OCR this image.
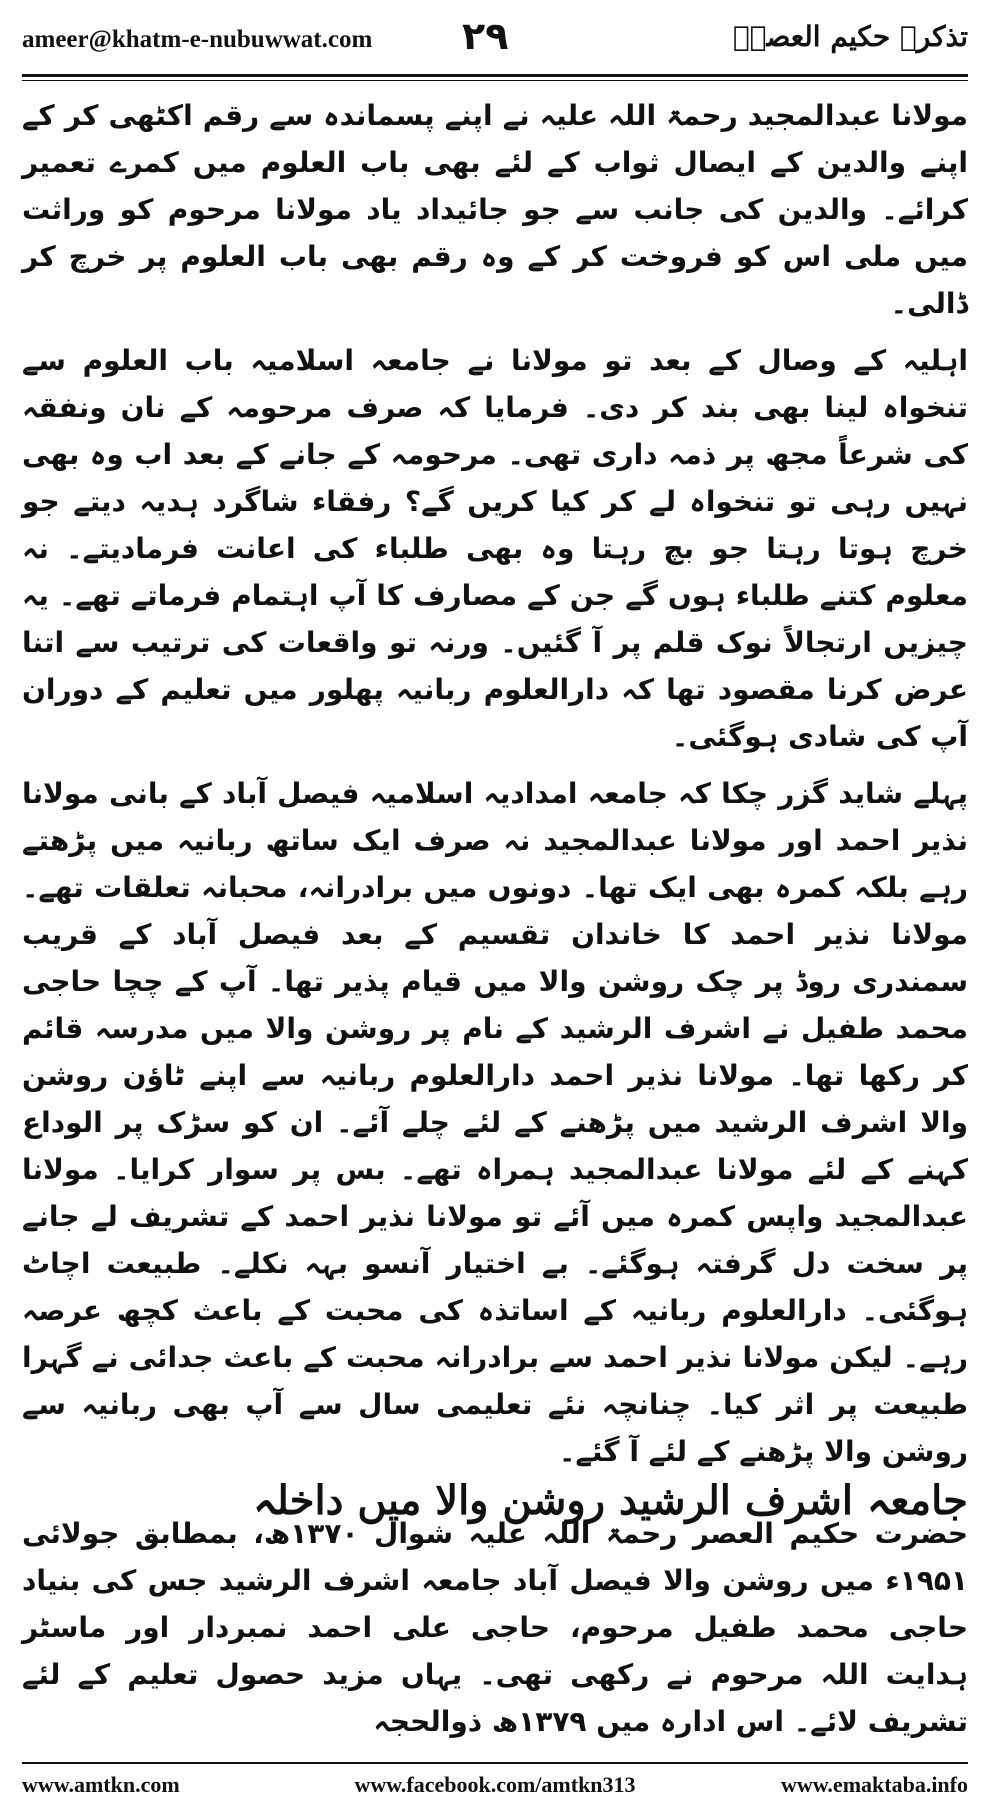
ameer@khatm-e-nubuwwat.com ۲۹	تذکرہ حکیم العصرؒ

مولانا عبدالمجید رحمۃ اللہ علیہ نے اپنے پسماندہ سے رقم اکٹھی کر کے اپنے والدین کے ایصال ثواب کے لئے بھی باب العلوم میں کمرے تعمیر کرائے۔ والدین کی جانب سے جو جائیداد یاد مولانا مرحوم کو وراثت میں ملی اس کو فروخت کر کے وہ رقم بھی باب العلوم پر خرچ کر ڈالی۔

اہلیہ کے وصال کے بعد تو مولانا نے جامعہ اسلامیہ باب العلوم سے تنخواہ لینا بھی بند کر دی۔ فرمایا کہ صرف مرحومہ کے نان ونفقہ کی شرعاً مجھ پر ذمہ داری تھی۔ مرحومہ کے جانے کے بعد اب وہ بھی نہیں رہی تو تنخواہ لے کر کیا کریں گے؟ رفقاء شاگرد ہدیہ دیتے جو خرچ ہوتا رہتا جو بچ رہتا وہ بھی طلباء کی اعانت فرمادیتے۔ نہ معلوم کتنے طلباء ہوں گے جن کے مصارف کا آپ اہتمام فرماتے تھے۔ یہ چیزیں ارتجالاً نوک قلم پر آ گئیں۔ ورنہ تو واقعات کی ترتیب سے اتنا عرض کرنا مقصود تھا کہ دارالعلوم ربانیہ پھلور میں تعلیم کے دوران آپ کی شادی ہوگئی۔

پہلے شاید گزر چکا کہ جامعہ امدادیہ اسلامیہ فیصل آباد کے بانی مولانا نذیر احمد اور مولانا عبدالمجید نہ صرف ایک ساتھ ربانیہ میں پڑھتے رہے بلکہ کمرہ بھی ایک تھا۔ دونوں میں برادرانہ، محبانہ تعلقات تھے۔ مولانا نذیر احمد کا خاندان تقسیم کے بعد فیصل آباد کے قریب سمندری روڈ پر چک روشن والا میں قیام پذیر تھا۔ آپ کے چچا حاجی محمد طفیل نے اشرف الرشید کے نام پر روشن والا میں مدرسہ قائم کر رکھا تھا۔ مولانا نذیر احمد دارالعلوم ربانیہ سے اپنے ٹاؤن روشن والا اشرف الرشید میں پڑھنے کے لئے چلے آئے۔ ان کو سڑک پر الوداع کہنے کے لئے مولانا عبدالمجید ہمراہ تھے۔ بس پر سوار کرایا۔ مولانا عبدالمجید واپس کمرہ میں آئے تو مولانا نذیر احمد کے تشریف لے جانے پر سخت دل گرفتہ ہوگئے۔ بے اختیار آنسو بہہ نکلے۔ طبیعت اچاٹ ہوگئی۔ دارالعلوم ربانیہ کے اساتذہ کی محبت کے باعث کچھ عرصہ رہے۔ لیکن مولانا نذیر احمد سے برادرانہ محبت کے باعث جدائی نے گہرا طبیعت پر اثر کیا۔ چنانچہ نئے تعلیمی سال سے آپ بھی ربانیہ سے روشن والا پڑھنے کے لئے آ گئے۔

جامعہ اشرف الرشید روشن والا میں داخلہ

حضرت حکیم العصر رحمۃ اللہ علیہ شوال ۱۳۷۰ھ، بمطابق جولائی ۱۹۵۱ء میں روشن والا فیصل آباد جامعہ اشرف الرشید جس کی بنیاد حاجی محمد طفیل مرحوم، حاجی علی احمد نمبردار اور ماسٹر ہدایت اللہ مرحوم نے رکھی تھی۔ یہاں مزید حصول تعلیم کے لئے تشریف لائے۔ اس ادارہ میں ۱۳۷۹ھ ذوالحجہ

www.amtkn.com	www.facebook.com/amtkn313	www.emaktaba.info
